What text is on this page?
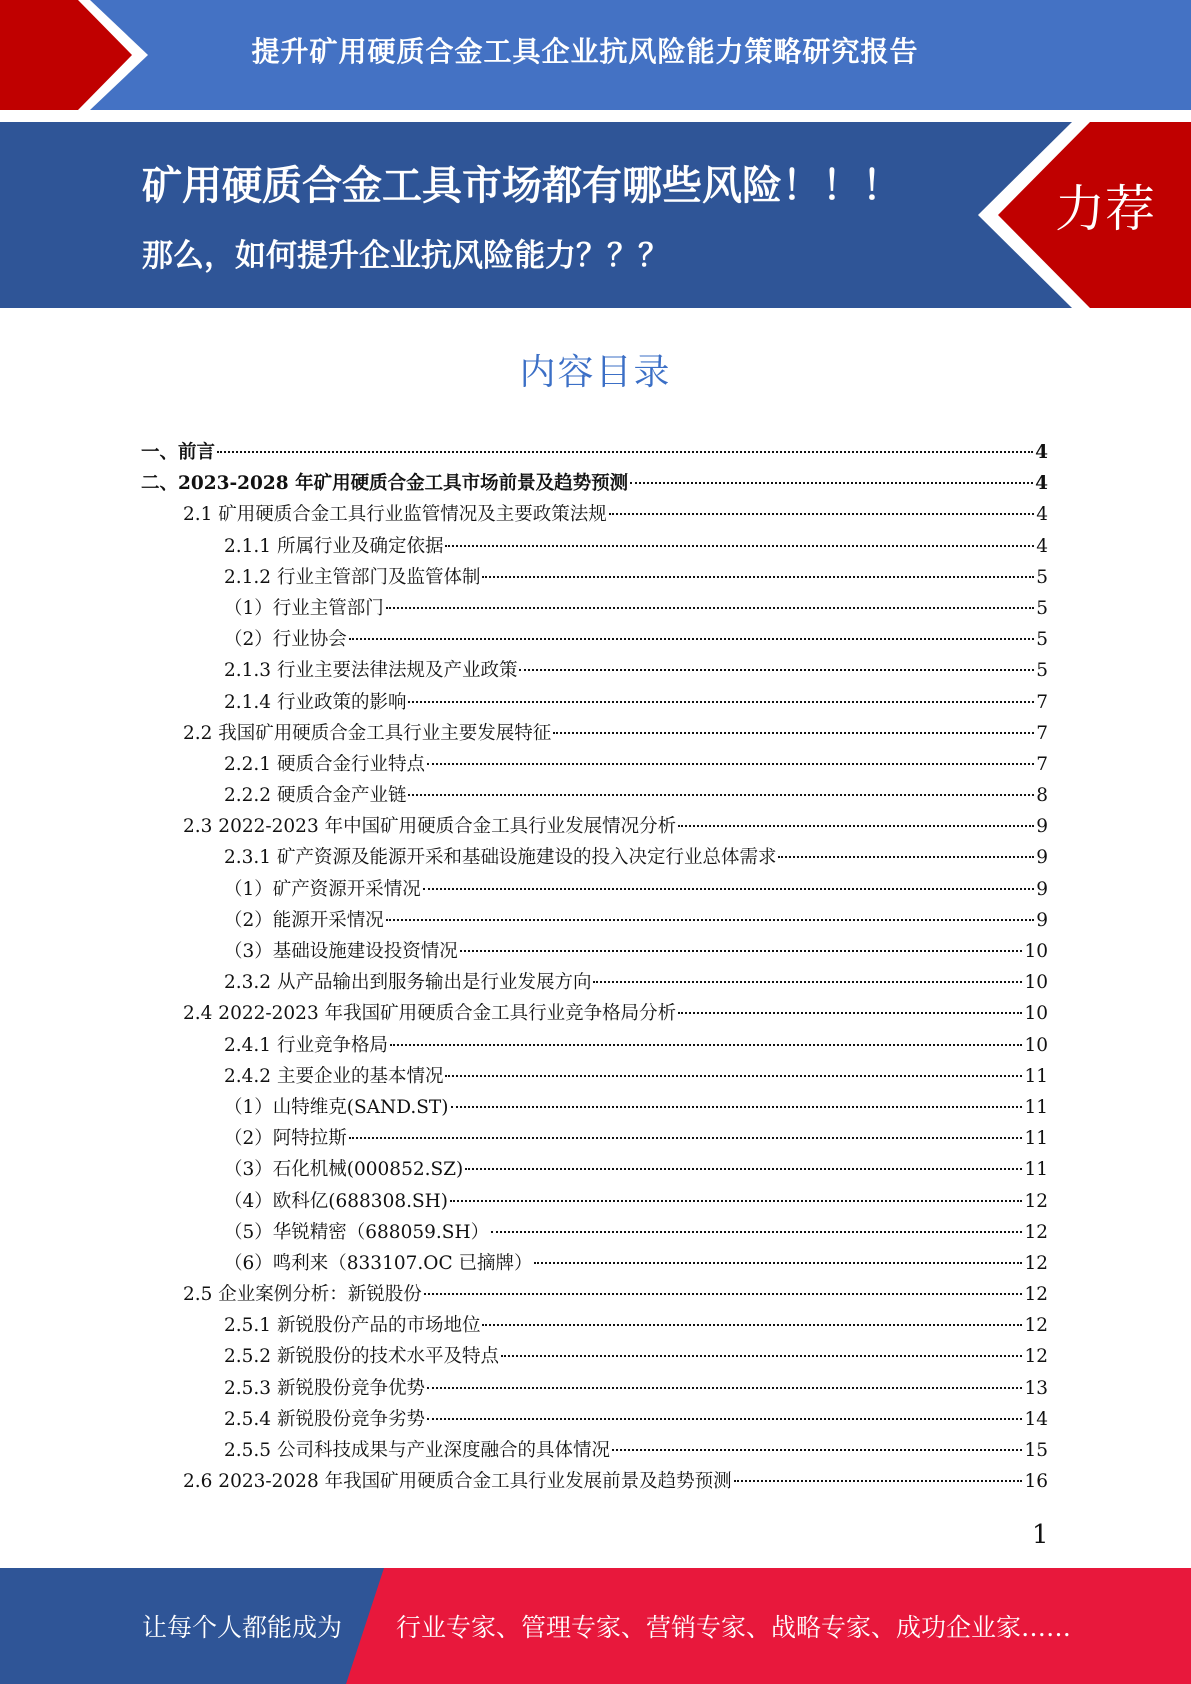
提升矿用硬质合金工具企业抗风险能力策略研究报告
矿用硬质合金工具市场都有哪些风险！！！
那么，如何提升企业抗风险能力？？？
力荐
内容目录
一、前言	4
二、2023-2028 年矿用硬质合金工具市场前景及趋势预测	4
2.1 矿用硬质合金工具行业监管情况及主要政策法规	4
2.1.1 所属行业及确定依据	4
2.1.2 行业主管部门及监管体制	5
（1）行业主管部门	5
（2）行业协会	5
2.1.3 行业主要法律法规及产业政策	5
2.1.4 行业政策的影响	7
2.2 我国矿用硬质合金工具行业主要发展特征	7
2.2.1 硬质合金行业特点	7
2.2.2 硬质合金产业链	8
2.3 2022-2023 年中国矿用硬质合金工具行业发展情况分析	9
2.3.1 矿产资源及能源开采和基础设施建设的投入决定行业总体需求	9
（1）矿产资源开采情况	9
（2）能源开采情况	9
（3）基础设施建设投资情况	10
2.3.2 从产品输出到服务输出是行业发展方向	10
2.4 2022-2023 年我国矿用硬质合金工具行业竞争格局分析	10
2.4.1 行业竞争格局	10
2.4.2 主要企业的基本情况	11
（1）山特维克(SAND.ST)	11
（2）阿特拉斯	11
（3）石化机械(000852.SZ)	11
（4）欧科亿(688308.SH)	12
（5）华锐精密（688059.SH）	12
（6）鸣利来（833107.OC 已摘牌）	12
2.5 企业案例分析：新锐股份	12
2.5.1 新锐股份产品的市场地位	12
2.5.2 新锐股份的技术水平及特点	12
2.5.3 新锐股份竞争优势	13
2.5.4 新锐股份竞争劣势	14
2.5.5 公司科技成果与产业深度融合的具体情况	15
2.6 2023-2028 年我国矿用硬质合金工具行业发展前景及趋势预测	16
1
让每个人都能成为 行业专家、管理专家、营销专家、战略专家、成功企业家……
